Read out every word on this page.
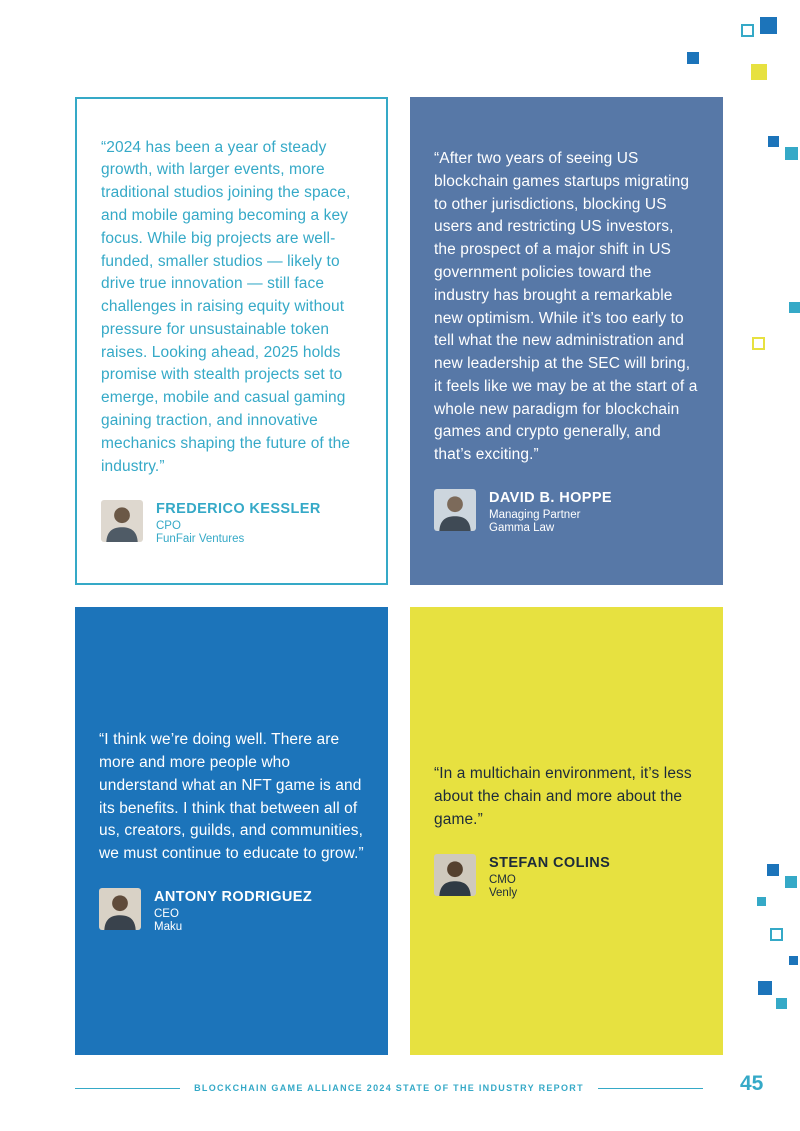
“2024 has been a year of steady growth, with larger events, more traditional studios joining the space, and mobile gaming becoming a key focus. While big projects are well-funded, smaller studios — likely to drive true innovation — still face challenges in raising equity without pressure for unsustainable token raises. Looking ahead, 2025 holds promise with stealth projects set to emerge, mobile and casual gaming gaining traction, and innovative mechanics shaping the future of the industry.”

FREDERICO KESSLER
CPO
FunFair Ventures

“After two years of seeing US blockchain games startups migrating to other jurisdictions, blocking US users and restricting US investors, the prospect of a major shift in US government policies toward the industry has brought a remarkable new optimism. While it’s too early to tell what the new administration and new leadership at the SEC will bring, it feels like we may be at the start of a whole new paradigm for blockchain games and crypto generally, and that’s exciting.”

DAVID B. HOPPE
Managing Partner
Gamma Law

“I think we’re doing well. There are more and more people who understand what an NFT game is and its benefits. I think that between all of us, creators, guilds, and communities, we must continue to educate to grow.”

ANTONY RODRIGUEZ
CEO
Maku

“In a multichain environment, it’s less about the chain and more about the game.”

STEFAN COLINS
CMO
Venly
BLOCKCHAIN GAME ALLIANCE 2024 STATE OF THE INDUSTRY REPORT	45
